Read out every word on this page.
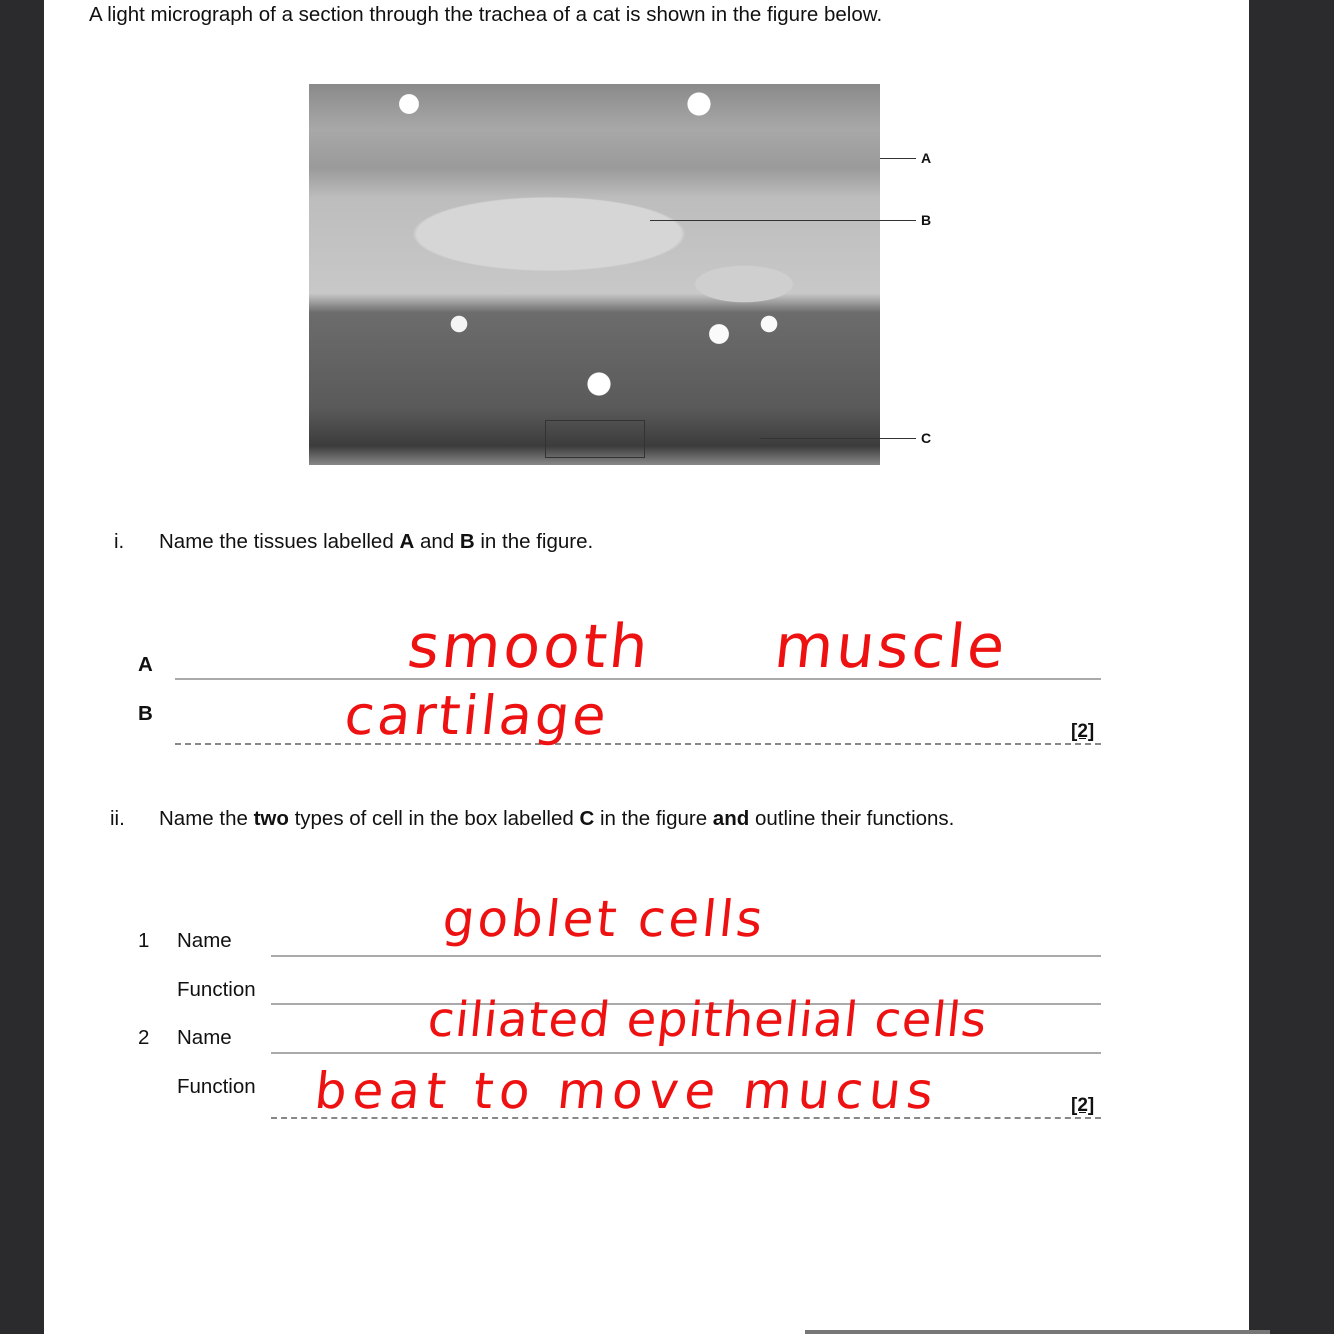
A light micrograph of a section through the trachea of a cat is shown in the figure below.
A
B
C
i. Name the tissues labelled A and B in the figure.
A	smooth muscle
B	cartilage	[2]
ii. Name the two types of cell in the box labelled C in the figure and outline their functions.
1 Name	goblet cells
Function
2 Name	ciliated epithelial cells
Function beat to move mucus	[2]
